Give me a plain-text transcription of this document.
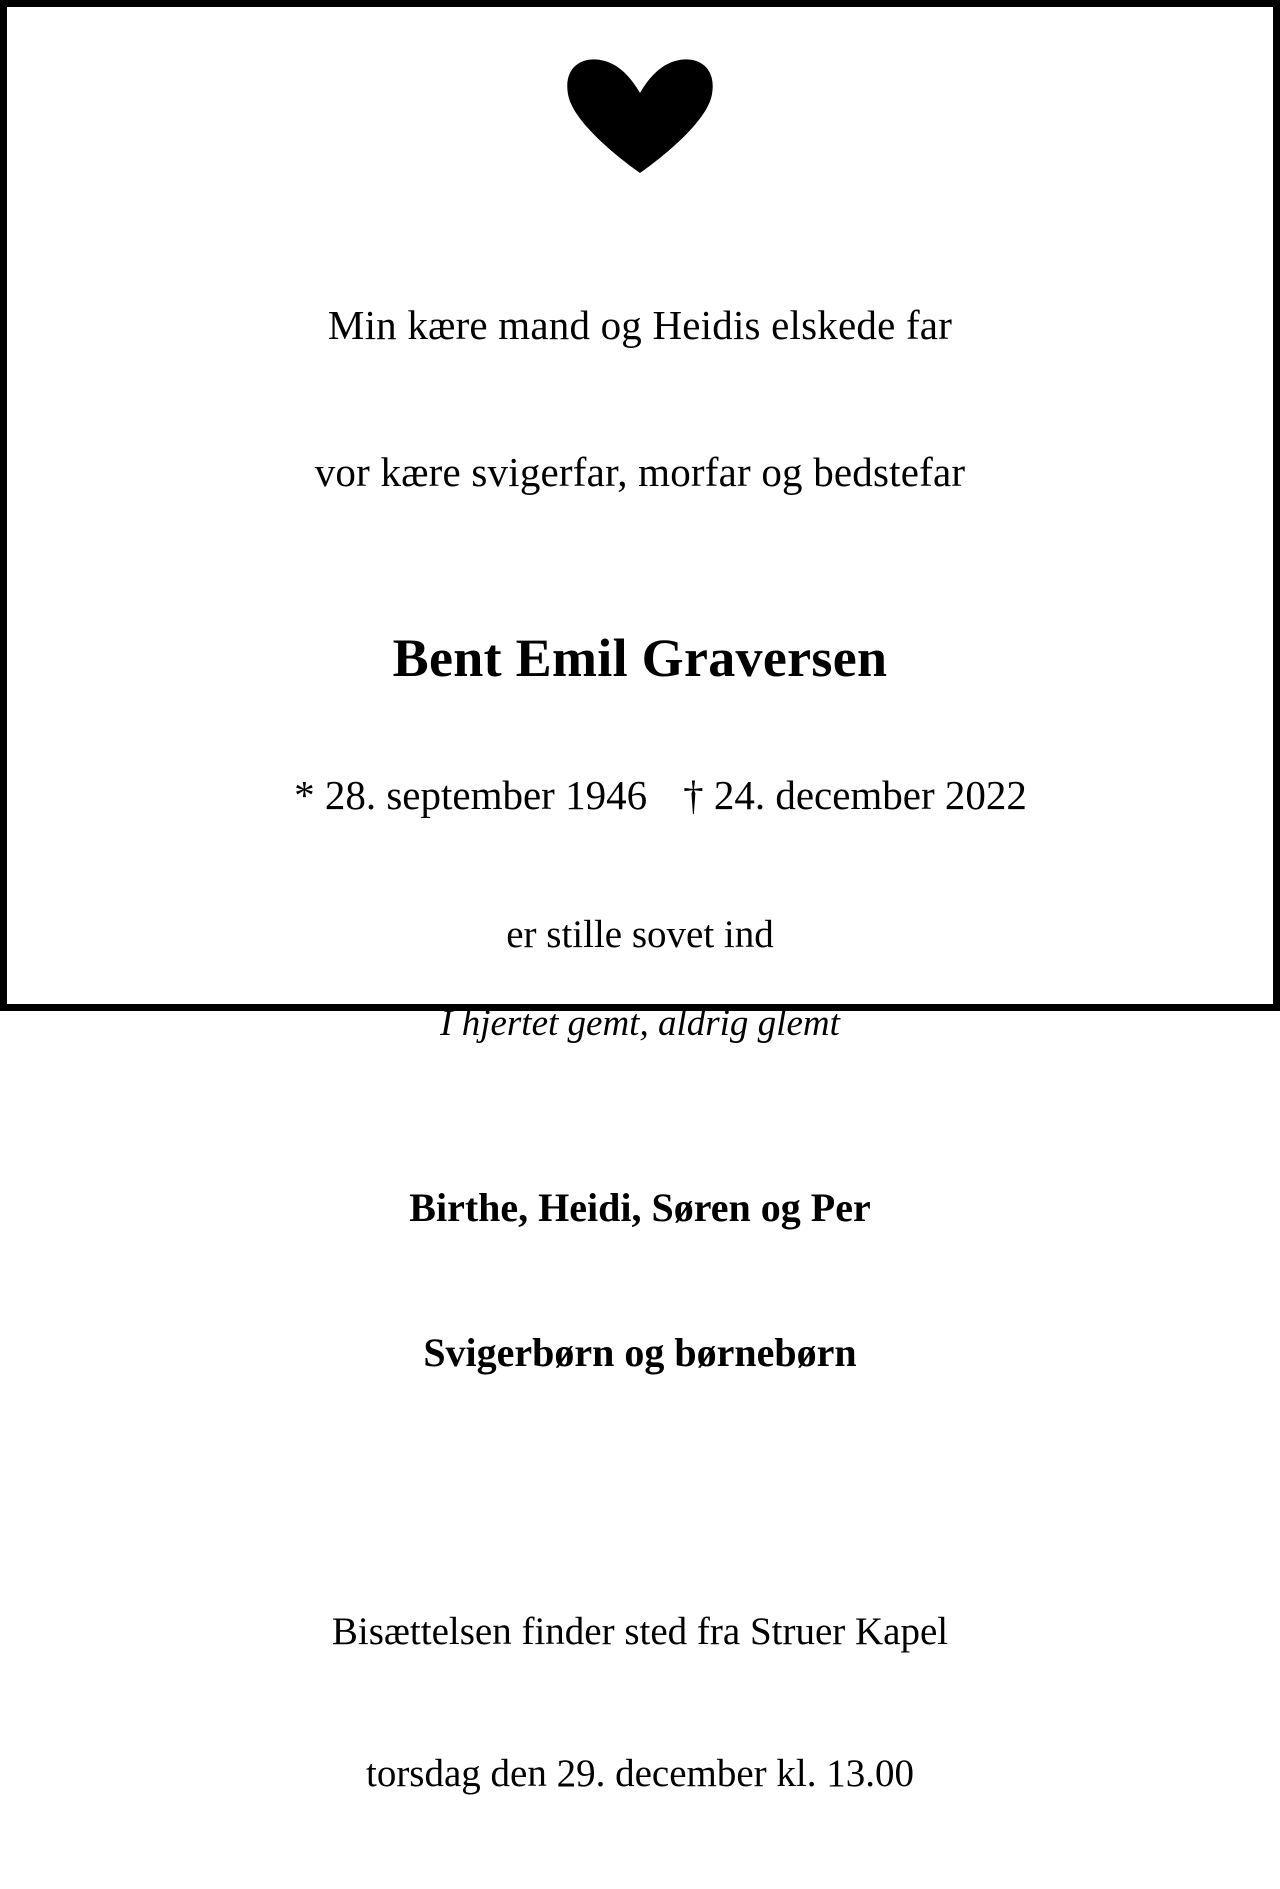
Min kære mand og Heidis elskede far

vor kære svigerfar, morfar og bedstefar

Bent Emil Graversen

* 28. september 1946 † 24. december 2022

er stille sovet ind
I hjertet gemt, aldrig glemt

Birthe, Heidi, Søren og Per

Svigerbørn og børnebørn

Bisættelsen finder sted fra Struer Kapel

torsdag den 29. december kl. 13.00
